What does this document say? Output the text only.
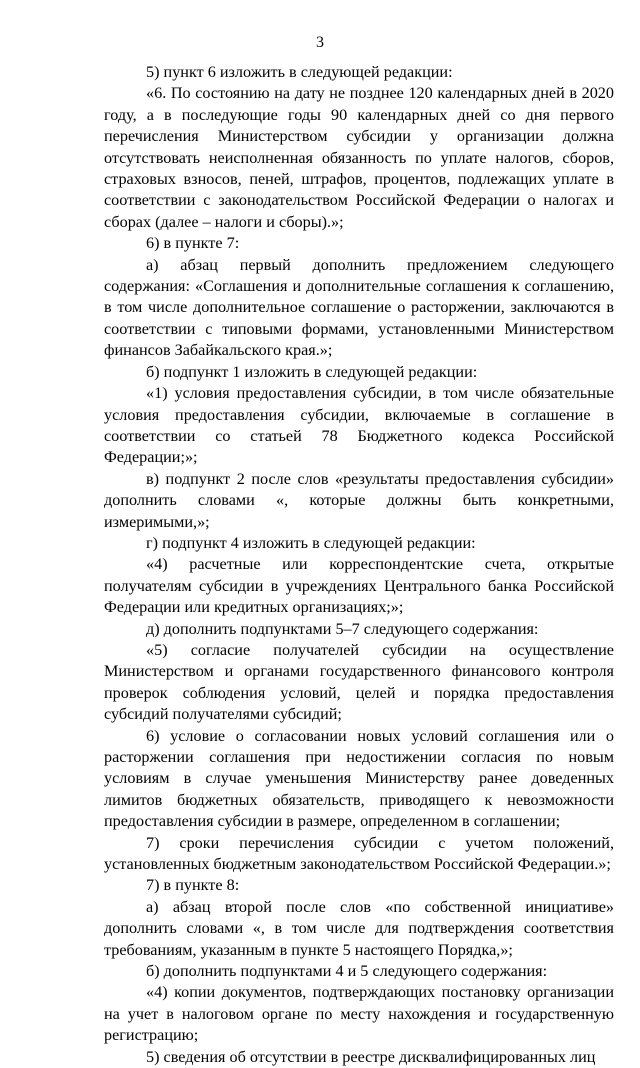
3

5) пункт 6 изложить в следующей редакции:

«6. По состоянию на дату не позднее 120 календарных дней в 2020 году, а в последующие годы 90 календарных дней со дня первого перечисления Министерством субсидии у организации должна отсутствовать неисполненная обязанность по уплате налогов, сборов, страховых взносов, пеней, штрафов, процентов, подлежащих уплате в соответствии с законодательством Российской Федерации о налогах и сборах (далее – налоги и сборы).»;

6) в пункте 7:

а) абзац первый дополнить предложением следующего содержания: «Соглашения и дополнительные соглашения к соглашению, в том числе дополнительное соглашение о расторжении, заключаются в соответствии с типовыми формами, установленными Министерством финансов Забайкальского края.»;

б) подпункт 1 изложить в следующей редакции:

«1) условия предоставления субсидии, в том числе обязательные условия предоставления субсидии, включаемые в соглашение в соответствии со статьей 78 Бюджетного кодекса Российской Федерации;»;

в) подпункт 2 после слов «результаты предоставления субсидии» дополнить словами «, которые должны быть конкретными, измеримыми,»;

г) подпункт 4 изложить в следующей редакции:

«4) расчетные или корреспондентские счета, открытые получателям субсидии в учреждениях Центрального банка Российской Федерации или кредитных организациях;»;

д) дополнить подпунктами 5–7 следующего содержания:

«5) согласие получателей субсидии на осуществление Министерством и органами государственного финансового контроля проверок соблюдения условий, целей и порядка предоставления субсидий получателями субсидий;

6) условие о согласовании новых условий соглашения или о расторжении соглашения при недостижении согласия по новым условиям в случае уменьшения Министерству ранее доведенных лимитов бюджетных обязательств, приводящего к невозможности предоставления субсидии в размере, определенном в соглашении;

7) сроки перечисления субсидии с учетом положений, установленных бюджетным законодательством Российской Федерации.»;

7) в пункте 8:

а) абзац второй после слов «по собственной инициативе» дополнить словами «, в том числе для подтверждения соответствия требованиям, указанным в пункте 5 настоящего Порядка,»;

б) дополнить подпунктами 4 и 5 следующего содержания:

«4) копии документов, подтверждающих постановку организации на учет в налоговом органе по месту нахождения и государственную регистрацию;

5) сведения об отсутствии в реестре дисквалифицированных лиц
